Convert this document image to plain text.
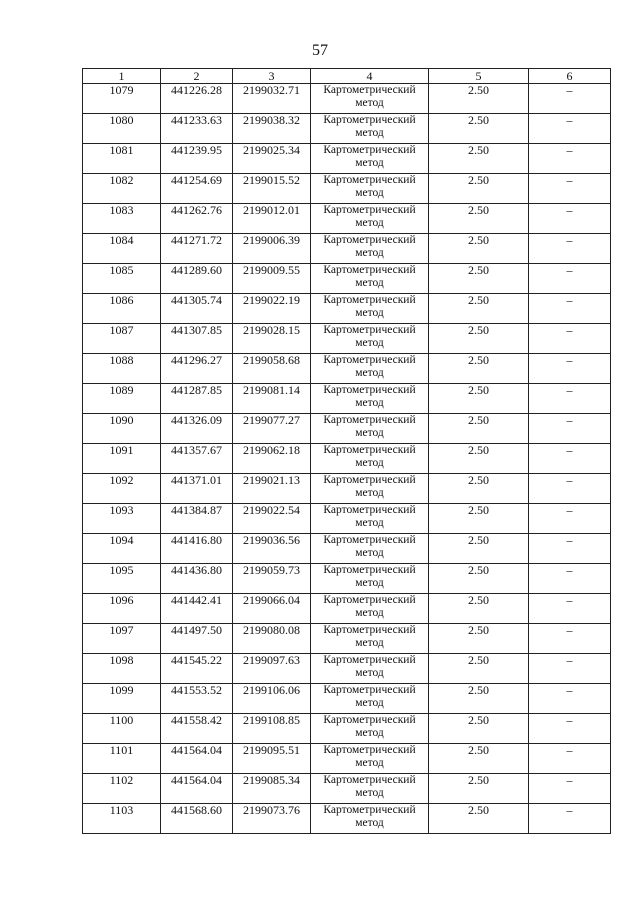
57
1	2	3	4	5	6
1079	441226.28	2199032.71	Картометрический метод	2.50	–
1080	441233.63	2199038.32	Картометрический метод	2.50	–
1081	441239.95	2199025.34	Картометрический метод	2.50	–
1082	441254.69	2199015.52	Картометрический метод	2.50	–
1083	441262.76	2199012.01	Картометрический метод	2.50	–
1084	441271.72	2199006.39	Картометрический метод	2.50	–
1085	441289.60	2199009.55	Картометрический метод	2.50	–
1086	441305.74	2199022.19	Картометрический метод	2.50	–
1087	441307.85	2199028.15	Картометрический метод	2.50	–
1088	441296.27	2199058.68	Картометрический метод	2.50	–
1089	441287.85	2199081.14	Картометрический метод	2.50	–
1090	441326.09	2199077.27	Картометрический метод	2.50	–
1091	441357.67	2199062.18	Картометрический метод	2.50	–
1092	441371.01	2199021.13	Картометрический метод	2.50	–
1093	441384.87	2199022.54	Картометрический метод	2.50	–
1094	441416.80	2199036.56	Картометрический метод	2.50	–
1095	441436.80	2199059.73	Картометрический метод	2.50	–
1096	441442.41	2199066.04	Картометрический метод	2.50	–
1097	441497.50	2199080.08	Картометрический метод	2.50	–
1098	441545.22	2199097.63	Картометрический метод	2.50	–
1099	441553.52	2199106.06	Картометрический метод	2.50	–
1100	441558.42	2199108.85	Картометрический метод	2.50	–
1101	441564.04	2199095.51	Картометрический метод	2.50	–
1102	441564.04	2199085.34	Картометрический метод	2.50	–
1103	441568.60	2199073.76	Картометрический метод	2.50	–
